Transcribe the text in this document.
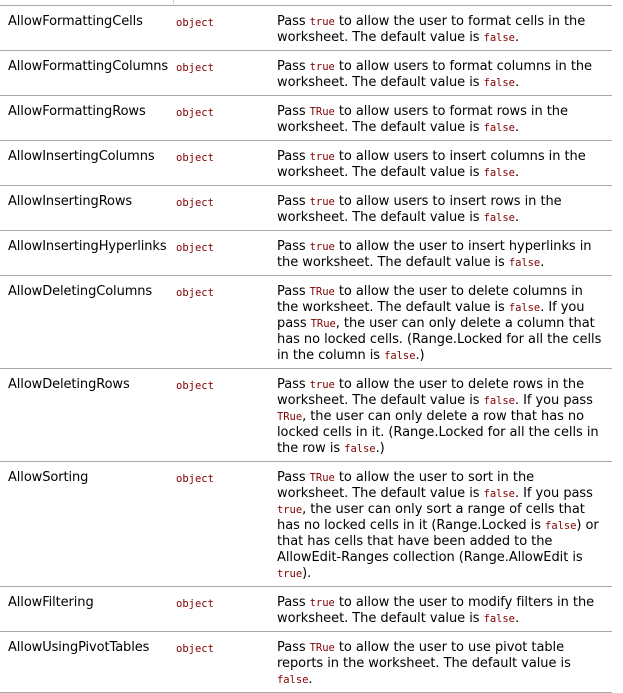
AllowFormattingCells	object	Pass true to allow the user to format cells in the worksheet. The default value is false.
AllowFormattingColumns	object	Pass true to allow users to format columns in the worksheet. The default value is false.
AllowFormattingRows	object	Pass TRue to allow users to format rows in the worksheet. The default value is false.
AllowInsertingColumns	object	Pass true to allow users to insert columns in the worksheet. The default value is false.
AllowInsertingRows	object	Pass true to allow users to insert rows in the worksheet. The default value is false.
AllowInsertingHyperlinks	object	Pass true to allow the user to insert hyperlinks in the worksheet. The default value is false.
AllowDeletingColumns	object	Pass TRue to allow the user to delete columns in the worksheet. The default value is false. If you pass TRue, the user can only delete a column that has no locked cells. (Range.Locked for all the cells in the column is false.)
AllowDeletingRows	object	Pass true to allow the user to delete rows in the worksheet. The default value is false. If you pass TRue, the user can only delete a row that has no locked cells in it. (Range.Locked for all the cells in the row is false.)
AllowSorting	object	Pass TRue to allow the user to sort in the worksheet. The default value is false. If you pass true, the user can only sort a range of cells that has no locked cells in it (Range.Locked is false) or that has cells that have been added to the AllowEdit-Ranges collection (Range.AllowEdit is true).
AllowFiltering	object	Pass true to allow the user to modify filters in the worksheet. The default value is false.
AllowUsingPivotTables	object	Pass TRue to allow the user to use pivot table reports in the worksheet. The default value is false.
